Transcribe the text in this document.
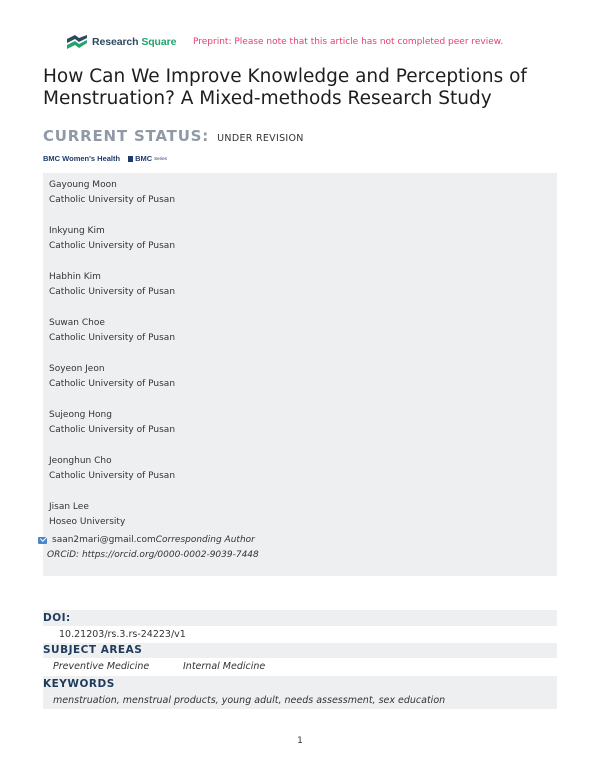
Research Square Preprint: Please note that this article has not completed peer review.
How Can We Improve Knowledge and Perceptions of Menstruation? A Mixed-methods Research Study
CURRENT STATUS: UNDER REVISION
BMC Women's Health BMC Series
Gayoung Moon
Catholic University of Pusan
Inkyung Kim
Catholic University of Pusan
Habhin Kim
Catholic University of Pusan
Suwan Choe
Catholic University of Pusan
Soyeon Jeon
Catholic University of Pusan
Sujeong Hong
Catholic University of Pusan
Jeonghun Cho
Catholic University of Pusan
Jisan Lee
Hoseo University
saan2mari@gmail.com Corresponding Author
ORCiD: https://orcid.org/0000-0002-9039-7448
DOI:
10.21203/rs.3.rs-24223/v1
SUBJECT AREAS
Preventive Medicine	Internal Medicine
KEYWORDS
menstruation, menstrual products, young adult, needs assessment, sex education
1
